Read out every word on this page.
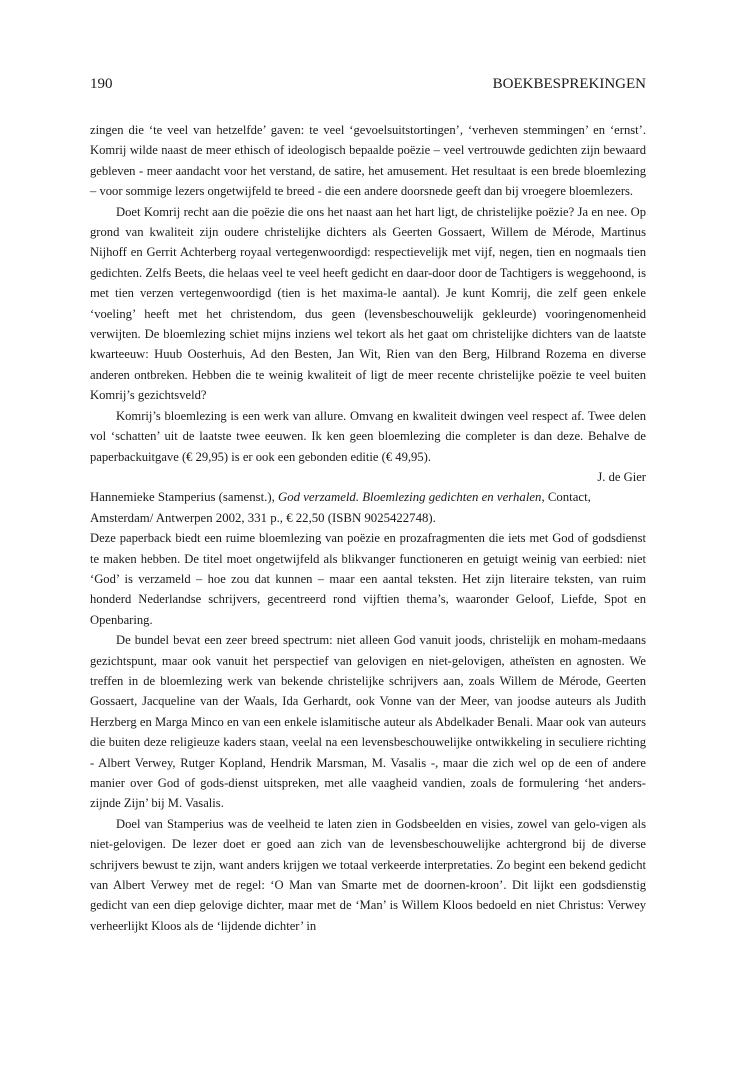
190	BOEKBESPREKINGEN

zingen die ‘te veel van hetzelfde’ gaven: te veel ‘gevoelsuitstortingen’, ‘verheven stemmingen’ en ‘ernst’. Komrij wilde naast de meer ethisch of ideologisch bepaalde poëzie – veel vertrouwde gedichten zijn bewaard gebleven - meer aandacht voor het verstand, de satire, het amusement. Het resultaat is een brede bloemlezing – voor sommige lezers ongetwijfeld te breed - die een andere doorsnede geeft dan bij vroegere bloemlezers.

Doet Komrij recht aan die poëzie die ons het naast aan het hart ligt, de christelijke poëzie? Ja en nee. Op grond van kwaliteit zijn oudere christelijke dichters als Geerten Gossaert, Willem de Mérode, Martinus Nijhoff en Gerrit Achterberg royaal vertegenwoordigd: respectievelijk met vijf, negen, tien en nogmaals tien gedichten. Zelfs Beets, die helaas veel te veel heeft gedicht en daar-door door de Tachtigers is weggehoond, is met tien verzen vertegenwoordigd (tien is het maxima-le aantal). Je kunt Komrij, die zelf geen enkele ‘voeling’ heeft met het christendom, dus geen (levensbeschouwelijk gekleurde) vooringenomenheid verwijten. De bloemlezing schiet mijns inziens wel tekort als het gaat om christelijke dichters van de laatste kwarteeuw: Huub Oosterhuis, Ad den Besten, Jan Wit, Rien van den Berg, Hilbrand Rozema en diverse anderen ontbreken. Hebben die te weinig kwaliteit of ligt de meer recente christelijke poëzie te veel buiten Komrij’s gezichtsveld?

Komrij’s bloemlezing is een werk van allure. Omvang en kwaliteit dwingen veel respect af. Twee delen vol ‘schatten’ uit de laatste twee eeuwen. Ik ken geen bloemlezing die completer is dan deze. Behalve de paperbackuitgave (€ 29,95) is er ook een gebonden editie (€ 49,95).

J. de Gier

Hannemieke Stamperius (samenst.), God verzameld. Bloemlezing gedichten en verhalen, Contact, Amsterdam/ Antwerpen 2002, 331 p., € 22,50 (ISBN 9025422748).

Deze paperback biedt een ruime bloemlezing van poëzie en prozafragmenten die iets met God of godsdienst te maken hebben. De titel moet ongetwijfeld als blikvanger functioneren en getuigt weinig van eerbied: niet ‘God’ is verzameld – hoe zou dat kunnen – maar een aantal teksten. Het zijn literaire teksten, van ruim honderd Nederlandse schrijvers, gecentreerd rond vijftien thema’s, waaronder Geloof, Liefde, Spot en Openbaring.

De bundel bevat een zeer breed spectrum: niet alleen God vanuit joods, christelijk en moham-medaans gezichtspunt, maar ook vanuit het perspectief van gelovigen en niet-gelovigen, atheïsten en agnosten. We treffen in de bloemlezing werk van bekende christelijke schrijvers aan, zoals Willem de Mérode, Geerten Gossaert, Jacqueline van der Waals, Ida Gerhardt, ook Vonne van der Meer, van joodse auteurs als Judith Herzberg en Marga Minco en van een enkele islamitische auteur als Abdelkader Benali. Maar ook van auteurs die buiten deze religieuze kaders staan, veelal na een levensbeschouwelijke ontwikkeling in seculiere richting - Albert Verwey, Rutger Kopland, Hendrik Marsman, M. Vasalis -, maar die zich wel op de een of andere manier over God of gods-dienst uitspreken, met alle vaagheid vandien, zoals de formulering ‘het anders-zijnde Zijn’ bij M. Vasalis.

Doel van Stamperius was de veelheid te laten zien in Godsbeelden en visies, zowel van gelo-vigen als niet-gelovigen. De lezer doet er goed aan zich van de levensbeschouwelijke achtergrond bij de diverse schrijvers bewust te zijn, want anders krijgen we totaal verkeerde interpretaties. Zo begint een bekend gedicht van Albert Verwey met de regel: ‘O Man van Smarte met de doornen-kroon’. Dit lijkt een godsdienstig gedicht van een diep gelovige dichter, maar met de ‘Man’ is Willem Kloos bedoeld en niet Christus: Verwey verheerlijkt Kloos als de ‘lijdende dichter’ in
